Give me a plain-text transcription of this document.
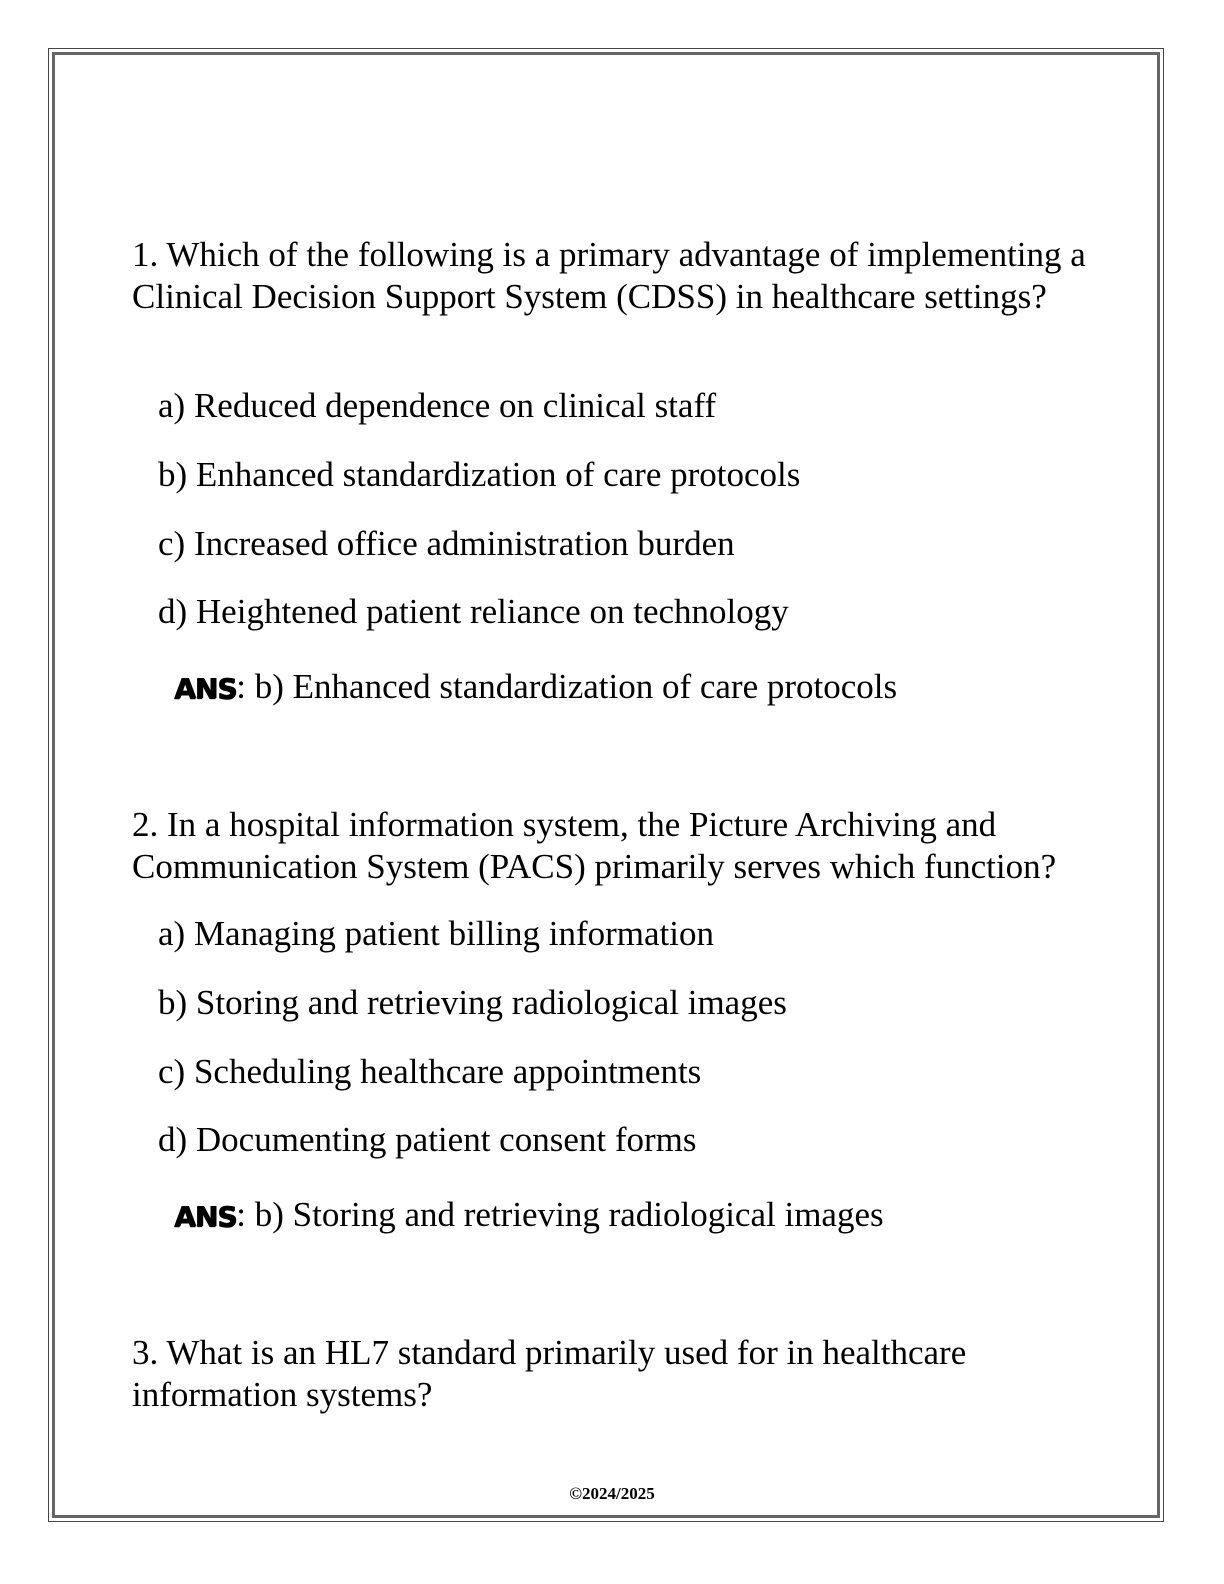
1. Which of the following is a primary advantage of implementing a Clinical Decision Support System (CDSS) in healthcare settings?

a) Reduced dependence on clinical staff
b) Enhanced standardization of care protocols
c) Increased office administration burden
d) Heightened patient reliance on technology
ANS: b) Enhanced standardization of care protocols

2. In a hospital information system, the Picture Archiving and Communication System (PACS) primarily serves which function?

a) Managing patient billing information
b) Storing and retrieving radiological images
c) Scheduling healthcare appointments
d) Documenting patient consent forms
ANS: b) Storing and retrieving radiological images

3. What is an HL7 standard primarily used for in healthcare information systems?

©2024/2025
